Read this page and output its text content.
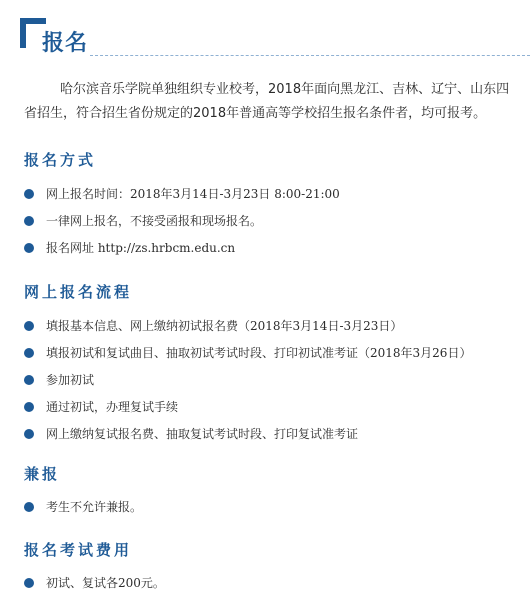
报名

哈尔滨音乐学院单独组织专业校考，2018年面向黑龙江、吉林、辽宁、山东四省招生，符合招生省份规定的2018年普通高等学校招生报名条件者，均可报考。

报名方式
网上报名时间：2018年3月14日-3月23日 8:00-21:00
一律网上报名，不接受函报和现场报名。
报名网址 http://zs.hrbcm.edu.cn
网上报名流程
填报基本信息、网上缴纳初试报名费（2018年3月14日-3月23日）
填报初试和复试曲目、抽取初试考试时段、打印初试准考证（2018年3月26日）
参加初试
通过初试，办理复试手续
网上缴纳复试报名费、抽取复试考试时段、打印复试准考证
兼报
考生不允许兼报。
报名考试费用
初试、复试各200元。
